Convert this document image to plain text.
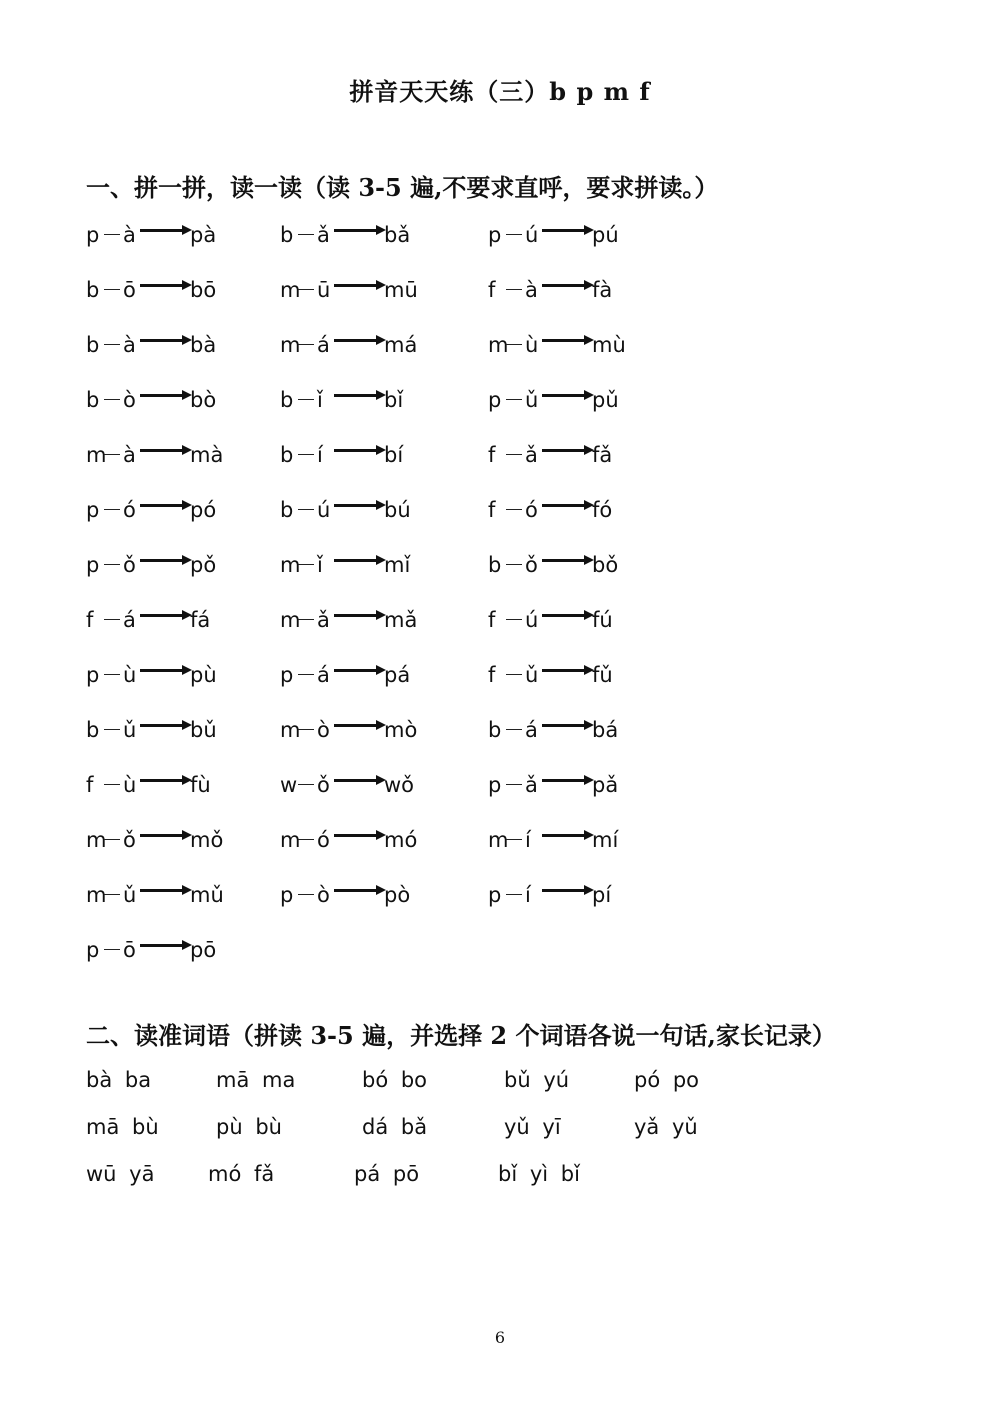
拼音天天练（三）b p m f
一、拼一拼，读一读（读 3-5 遍,不要求直呼，要求拼读。）
p à	pà	b ǎ	bǎ	p ú	pú
b ō	bō	m ū	mū	f à	fà
b à	bà	m á	má	m ù	mù
b ò	bò	b ǐ	bǐ	p ǔ	pǔ
m à	mà	b í	bí	f ǎ	fǎ
p ó	pó	b ú	bú	f ó	fó
p ǒ	pǒ	m ǐ	mǐ	b ǒ	bǒ
f á	fá	m ǎ	mǎ	f ú	fú
p ù	pù	p á	pá	f ǔ	fǔ
b ǔ	bǔ	m ò	mò	b á	bá
f ù	fù	w ǒ	wǒ	p ǎ	pǎ
m ǒ	mǒ	m ó	mó	m í	mí
m ǔ	mǔ	p ò	pò	p í	pí
p ō	pō
二、读准词语（拼读 3-5 遍，并选择 2 个词语各说一句话,家长记录）
bà ba	mā ma	bó bo	bǔ yú	pó po
mā bù	pù bù	dá bǎ	yǔ yī	yǎ yǔ
wū yā	mó fǎ	pá pō	bǐ yì bǐ
6
